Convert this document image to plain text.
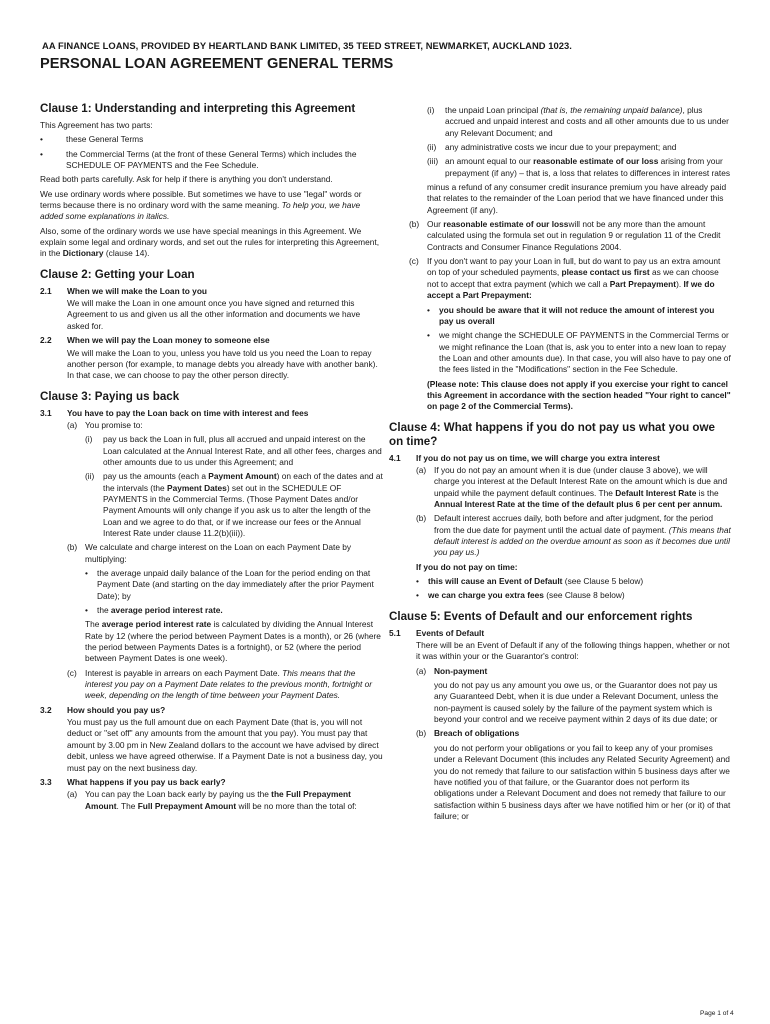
AA FINANCE LOANS, PROVIDED BY HEARTLAND BANK LIMITED, 35 TEED STREET, NEWMARKET, AUCKLAND 1023.
PERSONAL LOAN AGREEMENT GENERAL TERMS
Clause 1: Understanding and interpreting this Agreement

This Agreement has two parts:

•	these General Terms
•	the Commercial Terms (at the front of these General Terms) which includes the SCHEDULE OF PAYMENTS and the Fee Schedule.

Read both parts carefully. Ask for help if there is anything you don't understand.

We use ordinary words where possible. But sometimes we have to use "legal" words or terms because there is no ordinary word with the same meaning. To help you, we have added some explanations in italics.

Also, some of the ordinary words we use have special meanings in this Agreement. We explain some legal and ordinary words, and set out the rules for interpreting this Agreement, in the Dictionary (clause 14).

Clause 2: Getting your Loan
2.1	When we will make the Loan to you

We will make the Loan in one amount once you have signed and returned this Agreement to us and given us all the other information and documents we have asked for.

2.2	When we will pay the Loan money to someone else

We will make the Loan to you, unless you have told us you need the Loan to repay another person (for example, to manage debts you already have with another bank). In that case, we can choose to pay the other person directly.

Clause 3: Paying us back
3.1	You have to pay the Loan back on time with interest and fees
(a) You promise to:
(i)	pay us back the Loan in full, plus all accrued and unpaid interest on the Loan calculated at the Annual Interest Rate, and all other fees, charges and other amounts due to us under this Agreement; and
(ii)	pay us the amounts (each a Payment Amount) on each of the dates and at the intervals (the Payment Dates) set out in the SCHEDULE OF PAYMENTS in the Commercial Terms. (Those Payment Dates and/or Payment Amounts will only change if you ask us to alter the length of the Loan and we agree to do that, or if we increase our fees or the Annual Interest Rate under clause 11.2(b)(iii)).
(b) We calculate and charge interest on the Loan on each Payment Date by multiplying:
•	the average unpaid daily balance of the Loan for the period ending on that Payment Date (and starting on the day immediately after the prior Payment Date); by
•	the average period interest rate.

The average period interest rate is calculated by dividing the Annual Interest Rate by 12 (where the period between Payment Dates is a month), or 26 (where the period between Payments Dates is a fortnight), or 52 (where the period between Payment Dates is one week).

(c) Interest is payable in arrears on each Payment Date. This means that the interest you pay on a Payment Date relates to the previous month, fortnight or week, depending on the length of time between your Payment Dates.
3.2	How should you pay us?

You must pay us the full amount due on each Payment Date (that is, you will not deduct or "set off" any amounts from the amount that you pay). You must pay that amount by 3.00 pm in New Zealand dollars to the account we have advised by direct debit, unless we have agreed otherwise. If a Payment Date is not a business day, you must pay on the next business day.

3.3	What happens if you pay us back early?
(a) You can pay the Loan back early by paying us the the Full Prepayment Amount. The Full Prepayment Amount will be no more than the total of:
(i)	the unpaid Loan principal (that is, the remaining unpaid balance), plus accrued and unpaid interest and costs and all other amounts due to us under any Relevant Document; and
(ii)	any administrative costs we incur due to your prepayment; and
(iii) an amount equal to our reasonable estimate of our loss arising from your prepayment (if any) – that is, a loss that relates to differences in interest rates

minus a refund of any consumer credit insurance premium you have already paid that relates to the remainder of the Loan period that we have financed under this Agreement (if any).

(b) Our reasonable estimate of our losswill not be any more than the amount calculated using the formula set out in regulation 9 or regulation 11 of the Credit Contracts and Consumer Finance Regulations 2004.
(c) If you don't want to pay your Loan in full, but do want to pay us an extra amount on top of your scheduled payments, please contact us first as we can choose not to accept that extra payment (which we call a Part Prepayment). If we do accept a Part Prepayment:
•	you should be aware that it will not reduce the amount of interest you pay us overall
•	we might change the SCHEDULE OF PAYMENTS in the Commercial Terms or we might refinance the Loan (that is, ask you to enter into a new loan to repay the Loan and other amounts due). In that case, you will also have to pay one of the fees listed in the "Modifications" section in the Fee Schedule.

(Please note: This clause does not apply if you exercise your right to cancel this Agreement in accordance with the section headed "Your right to cancel" on page 2 of the Commercial Terms).

Clause 4: What happens if you do not pay us what you owe on time?
4.1	If you do not pay us on time, we will charge you extra interest
(a) If you do not pay an amount when it is due (under clause 3 above), we will charge you interest at the Default Interest Rate on the amount which is due and unpaid while the payment default continues. The Default Interest Rate is the Annual Interest Rate at the time of the default plus 6 per cent per annum.
(b) Default interest accrues daily, both before and after judgment, for the period from the due date for payment until the actual date of payment. (This means that default interest is added on the overdue amount as soon as it becomes due until you pay us.)

If you do not pay on time:

•	this will cause an Event of Default (see Clause 5 below)
•	we can charge you extra fees (see Clause 8 below)
Clause 5: Events of Default and our enforcement rights
5.1	Events of Default

There will be an Event of Default if any of the following things happen, whether or not it was within your or the Guarantor's control:

(a) Non-payment

you do not pay us any amount you owe us, or the Guarantor does not pay us any Guaranteed Debt, when it is due under a Relevant Document, unless the non-payment is caused solely by the failure of the payment system which is beyond your control and we receive payment within 2 days of its due date; or

(b) Breach of obligations

you do not perform your obligations or you fail to keep any of your promises under a Relevant Document (this includes any Related Security Agreement) and you do not remedy that failure to our satisfaction within 5 business days after we have notified you of that failure, or the Guarantor does not perform its obligations under a Relevant Document and does not remedy that failure to our satisfaction within 5 business days after we have notified him or her (or it) of that failure; or

Page 1 of 4
